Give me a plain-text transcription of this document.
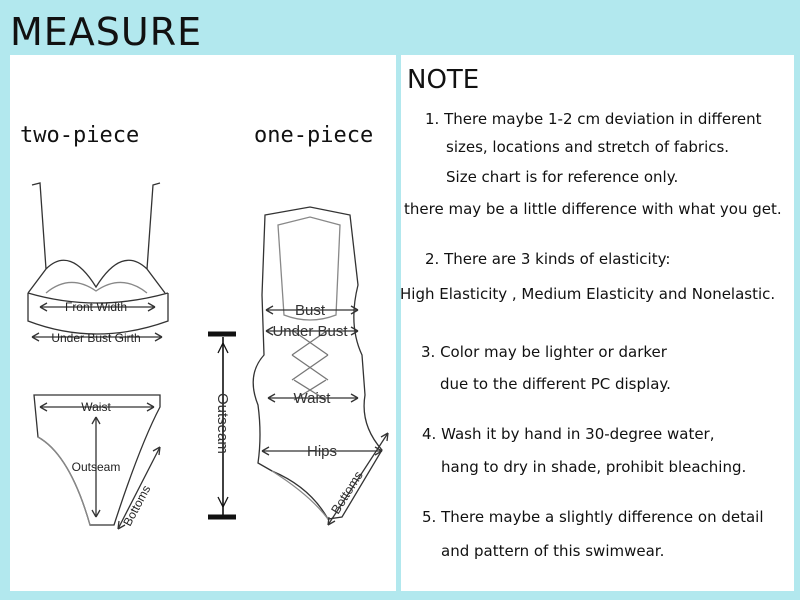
MEASURE
two-piece	one-piece
Front Width
Under Bust Girth
Waist
Outseam
Bottoms
Bust
Under Bust
Waist
Hips
Outseam
Bottoms
NOTE
1. There maybe 1-2 cm deviation in different
sizes, locations and stretch of fabrics.
Size chart is for reference only.
there may be a little difference with what you get.
2. There are 3 kinds of elasticity:
High Elasticity , Medium Elasticity and Nonelastic.
3. Color may be lighter or darker
due to the different PC display.
4. Wash it by hand in 30-degree water,
hang to dry in shade, prohibit bleaching.
5. There maybe a slightly difference on detail
and pattern of this swimwear.
